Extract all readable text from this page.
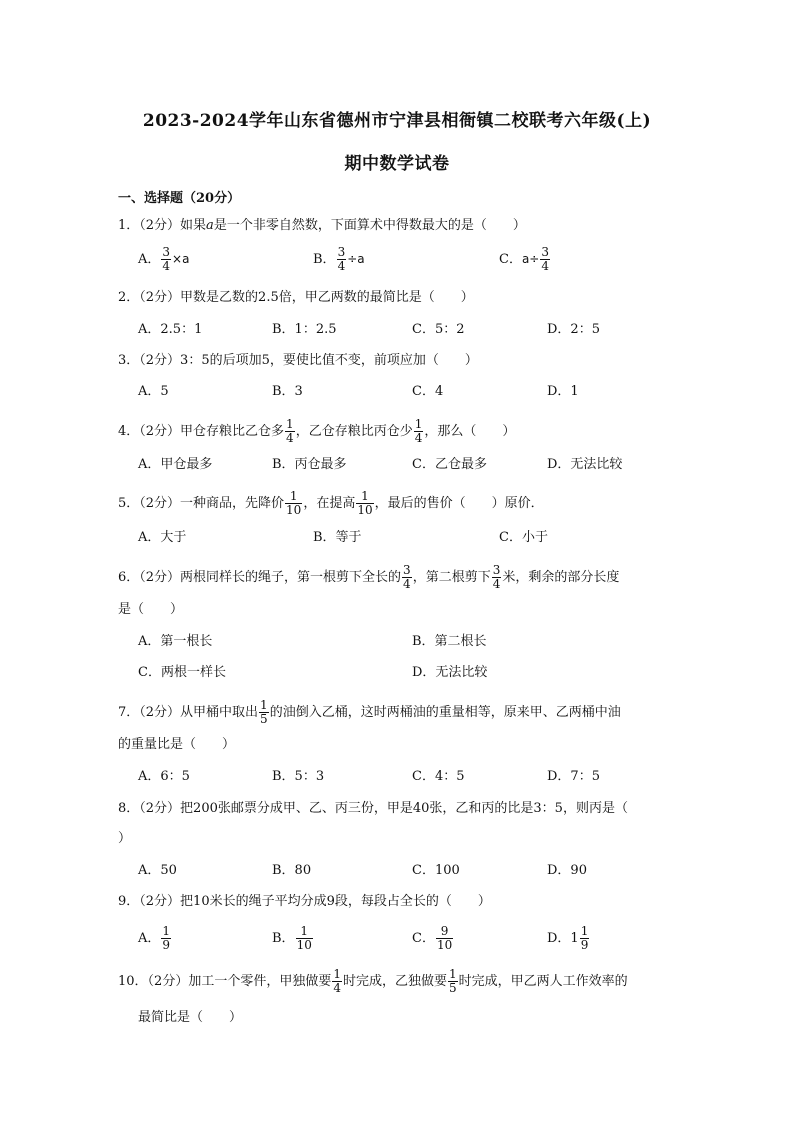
2023-2024学年山东省德州市宁津县相衙镇二校联考六年级(上)
期中数学试卷
一、选择题（20分）
1．（2分）如果a是一个非零自然数，下面算术中得数最大的是（　　）
A． $\frac{3}{4} \times a$	B． $\frac{3}{4} \div a$	C．$a\div \frac{3}{4}$
2．（2分）甲数是乙数的2.5倍，甲乙两数的最简比是（　　）
A．2.5：1	B．1：2.5	C．5：2	D．2：5
3．（2分）3：5的后项加5，要使比值不变，前项应加（　　）
A．5	B．3	C．4	D．1
4．（2分）甲仓存粮比乙仓多 $\frac{1}{4}$ ，乙仓存粮比丙仓少 $\frac{1}{4}$ ，那么（　　）
A．甲仓最多	B．丙仓最多	C．乙仓最多	D．无法比较
5．（2分）一种商品，先降价 $\frac{1}{10}$ ，在提高 $\frac{1}{10}$ ，最后的售价（　　）原价．
A．大于	B．等于	C．小于
6．（2分）两根同样长的绳子，第一根剪下全长的 $\frac{3}{4}$ ，第二根剪下 $\frac{3}{4}$ 米，剩余的部分长度
是（　　）
A．第一根长	B．第二根长
C．两根一样长	D．无法比较
7．（2分）从甲桶中取出 $\frac{1}{5}$ 的油倒入乙桶，这时两桶油的重量相等，原来甲、乙两桶中油
的重量比是（　　）
A．6：5	B．5：3	C．4：5	D．7：5
8．（2分）把200张邮票分成甲、乙、丙三份，甲是40张，乙和丙的比是3：5，则丙是（
）
A．50	B．80	C．100	D．90
9．（2分）把10米长的绳子平均分成9段，每段占全长的（　　）
A． $\frac{1}{9}$	B． $\frac{1}{10}$	C． $\frac{9}{10}$	D．$1 \frac{1}{9}$
10．（2分）加工一个零件，甲独做要 $\frac{1}{4}$ 时完成，乙独做要 $\frac{1}{5}$ 时完成，甲乙两人工作效率的
最简比是（　　）
